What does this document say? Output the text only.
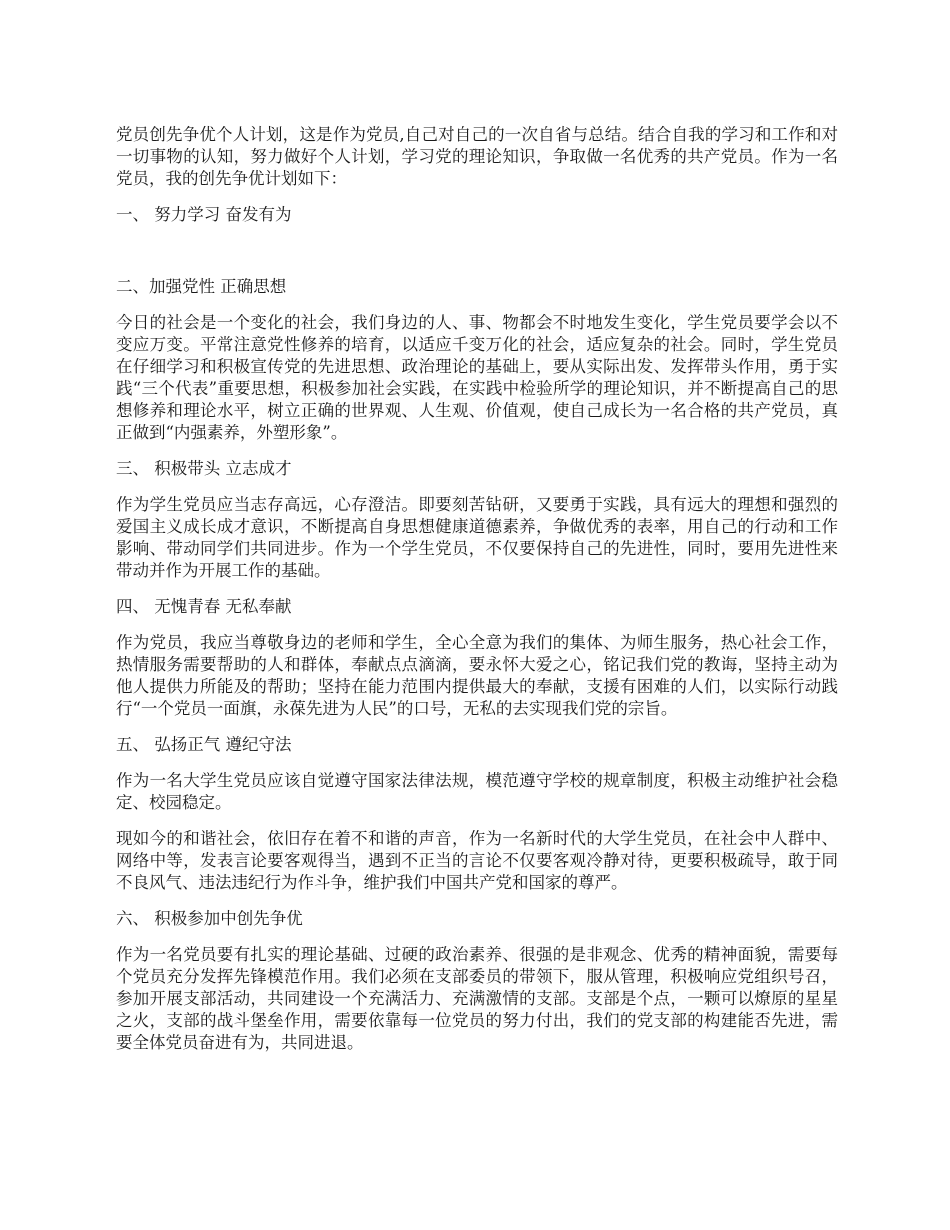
党员创先争优个人计划，这是作为党员,自己对自己的一次自省与总结。结合自我的学习和工作和对一切事物的认知，努力做好个人计划，学习党的理论知识，争取做一名优秀的共产党员。作为一名党员，我的创先争优计划如下：

一、 努力学习 奋发有为

二、加强党性 正确思想

今日的社会是一个变化的社会，我们身边的人、事、物都会不时地发生变化，学生党员要学会以不变应万变。平常注意党性修养的培育，以适应千变万化的社会，适应复杂的社会。同时，学生党员在仔细学习和积极宣传党的先进思想、政治理论的基础上，要从实际出发、发挥带头作用，勇于实践“三个代表”重要思想，积极参加社会实践，在实践中检验所学的理论知识，并不断提高自己的思想修养和理论水平，树立正确的世界观、人生观、价值观，使自己成长为一名合格的共产党员，真正做到“内强素养，外塑形象”。

三、 积极带头 立志成才

作为学生党员应当志存高远，心存澄洁。即要刻苦钻研，又要勇于实践，具有远大的理想和强烈的爱国主义成长成才意识，不断提高自身思想健康道德素养，争做优秀的表率，用自己的行动和工作影响、带动同学们共同进步。作为一个学生党员，不仅要保持自己的先进性，同时，要用先进性来带动并作为开展工作的基础。

四、 无愧青春 无私奉献

作为党员，我应当尊敬身边的老师和学生，全心全意为我们的集体、为师生服务，热心社会工作，热情服务需要帮助的人和群体，奉献点点滴滴，要永怀大爱之心，铭记我们党的教诲，坚持主动为他人提供力所能及的帮助；坚持在能力范围内提供最大的奉献，支援有困难的人们，以实际行动践行“一个党员一面旗，永葆先进为人民”的口号，无私的去实现我们党的宗旨。

五、 弘扬正气 遵纪守法

作为一名大学生党员应该自觉遵守国家法律法规，模范遵守学校的规章制度，积极主动维护社会稳定、校园稳定。

现如今的和谐社会，依旧存在着不和谐的声音，作为一名新时代的大学生党员，在社会中人群中、网络中等，发表言论要客观得当，遇到不正当的言论不仅要客观冷静对待，更要积极疏导，敢于同不良风气、违法违纪行为作斗争，维护我们中国共产党和国家的尊严。

六、 积极参加中创先争优

作为一名党员要有扎实的理论基础、过硬的政治素养、很强的是非观念、优秀的精神面貌，需要每个党员充分发挥先锋模范作用。我们必须在支部委员的带领下，服从管理，积极响应党组织号召，参加开展支部活动，共同建设一个充满活力、充满激情的支部。支部是个点，一颗可以燎原的星星之火，支部的战斗堡垒作用，需要依靠每一位党员的努力付出，我们的党支部的构建能否先进，需要全体党员奋进有为，共同进退。
